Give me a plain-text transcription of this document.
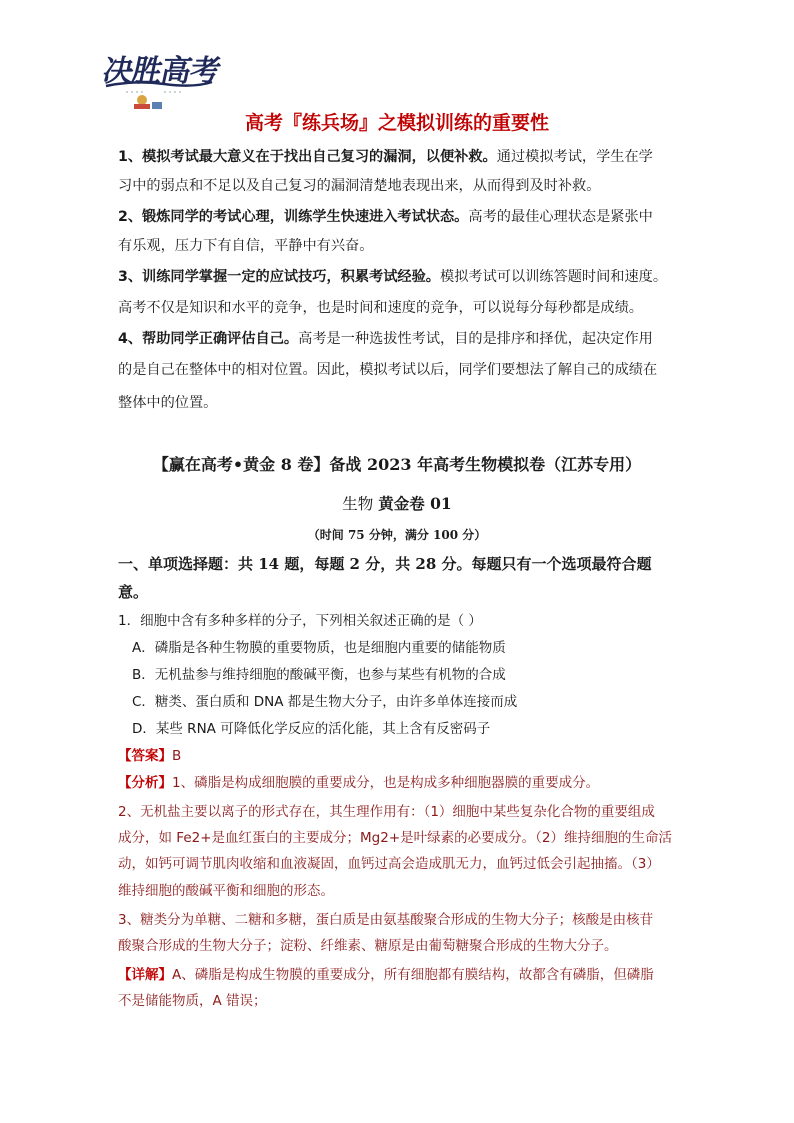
决胜高考
高考『练兵场』之模拟训练的重要性
1、模拟考试最大意义在于找出自己复习的漏洞，以便补救。通过模拟考试，学生在学
习中的弱点和不足以及自己复习的漏洞清楚地表现出来，从而得到及时补救。
2、锻炼同学的考试心理，训练学生快速进入考试状态。高考的最佳心理状态是紧张中
有乐观，压力下有自信，平静中有兴奋。
3、训练同学掌握一定的应试技巧，积累考试经验。模拟考试可以训练答题时间和速度。
高考不仅是知识和水平的竞争，也是时间和速度的竞争，可以说每分每秒都是成绩。
4、帮助同学正确评估自己。高考是一种选拔性考试，目的是排序和择优，起决定作用
的是自己在整体中的相对位置。因此，模拟考试以后，同学们要想法了解自己的成绩在
整体中的位置。
【赢在高考•黄金 8 卷】备战 2023 年高考生物模拟卷（江苏专用）
生物 黄金卷 01
（时间 75 分钟，满分 100 分）
一、单项选择题：共 14 题，每题 2 分，共 28 分。每题只有一个选项最符合题
意。
1．细胞中含有多种多样的分子，下列相关叙述正确的是（ ）
A．磷脂是各种生物膜的重要物质，也是细胞内重要的储能物质
B．无机盐参与维持细胞的酸碱平衡，也参与某些有机物的合成
C．糖类、蛋白质和 DNA 都是生物大分子，由许多单体连接而成
D．某些 RNA 可降低化学反应的活化能，其上含有反密码子
【答案】B
【分析】1、磷脂是构成细胞膜的重要成分，也是构成多种细胞器膜的重要成分。
2、无机盐主要以离子的形式存在，其生理作用有：（1）细胞中某些复杂化合物的重要组成
成分，如 Fe2+是血红蛋白的主要成分；Mg2+是叶绿素的必要成分。（2）维持细胞的生命活
动，如钙可调节肌肉收缩和血液凝固，血钙过高会造成肌无力，血钙过低会引起抽搐。（3）
维持细胞的酸碱平衡和细胞的形态。
3、糖类分为单糖、二糖和多糖，蛋白质是由氨基酸聚合形成的生物大分子；核酸是由核苷
酸聚合形成的生物大分子；淀粉、纤维素、糖原是由葡萄糖聚合形成的生物大分子。
【详解】A、磷脂是构成生物膜的重要成分，所有细胞都有膜结构，故都含有磷脂，但磷脂
不是储能物质，A 错误；
